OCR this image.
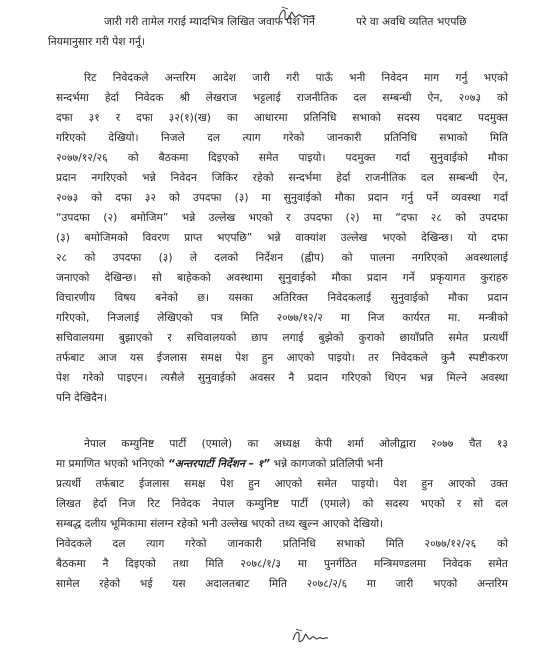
जारी गरी तामेल गराई म्यादभित्र लिखित जवाफ पेश गर्ने	परे वा अवधि व्यतित भएपछि
नियमानुसार गरी पेश गर्नू।
रिट निवेदकले अन्तरिम आदेश जारी गरी पाऊँ भनी निवेदन माग गर्नु भएको
सन्दर्भमा हेर्दा निवेदक श्री लेखराज भट्टलाई राजनीतिक दल सम्बन्धी ऐन, २०७३ को
दफा ३१ र दफा ३२(१)(ख) का आधारमा प्रतिनिधि सभाको सदस्य पदबाट पदमुक्त
गरिएको देखियो। निजले दल त्याग गरेको जानकारी प्रतिनिधि सभाको मिति
२०७७/१२/२६ को बैठकमा दिइएको समेत पाइयो। पदमुक्त गर्दा सुनुवाईको मौका
प्रदान नगरिएको भन्ने निवेदन जिकिर रहेको सन्दर्भमा हेर्दा राजनीतिक दल सम्बन्धी ऐन,
२०७३ को दफा ३२ को उपदफा (३) मा सुनुवाईको मौका प्रदान गर्नु पर्ने व्यवस्था गर्दा
“उपदफा (२) बमोजिम” भन्ने उल्लेख भएको र उपदफा (२) मा “दफा २८ को उपदफा
(३) बमोजिमको विवरण प्राप्त भएपछि” भन्ने वाक्यांश उल्लेख भएको देखिन्छ। यो दफा
२८ को उपदफा (३) ले दलको निर्देशन (ह्वीप) को पालना नगरिएको अवस्थालाई
जनाएको देखिन्छ। सो बाहेकको अवस्थामा सुनुवाईको मौका प्रदान गर्ने प्रकृयागत कुराहरु
विचारणीय विषय बनेको छ। यसका अतिरिक्त निवेदकलाई सुनुवाईको मौका प्रदान
गरिएको, निजलाई लेखिएको पत्र मिति २०७७/१२/२ मा निज कार्यरत मा. मन्त्रीको
सचिवालयमा बुझाएको र सचिवालयको छाप लगाई बुझेको कुराको छायाँप्रति समेत प्रत्यर्थी
तर्फबाट आज यस ईजलास समक्ष पेश हुन आएको पाइयो। तर निवेदकले कुनै स्पष्टीकरण
पेश गरेको पाइएन। त्यसैले सुनुवाईको अवसर नै प्रदान गरिएको थिएन भन्न मिल्ने अवस्था
पनि देखिदैन।
नेपाल कम्युनिष्ट पार्टी (एमाले) का अध्यक्ष केपी शर्मा ओलीद्वारा २०७७ चैत १३
मा प्रमाणित भएको भनिएको “अन्तरपार्टी निर्देशन – १” भन्ने कागजको प्रतिलिपी भनी
प्रत्यर्थी तर्फबाट ईजलास समक्ष पेश हुन आएको समेत पाइयो। पेश हुन आएको उक्त
लिखत हेर्दा निज रिट निवेदक नेपाल कम्युनिष्ट पार्टी (एमाले) को सदस्य भएको र सो दल
सम्बद्ध दलीय भूमिकामा संलग्न रहेको भनी उल्लेख भएको तथ्य खुल्न आएको देखियो।
निवेदकले दल त्याग गरेको जानकारी प्रतिनिधि सभाको मिति २०७७/१२/२६ को
बैठकमा नै दिइएको तथा मिति २०७८/१/३ मा पुनर्गठित मन्त्रिमण्डलमा निवेदक समेत
सामेल रहेको भई यस अदालतबाट मिति २०७८/२/६ मा जारी भएको अन्तरिम
